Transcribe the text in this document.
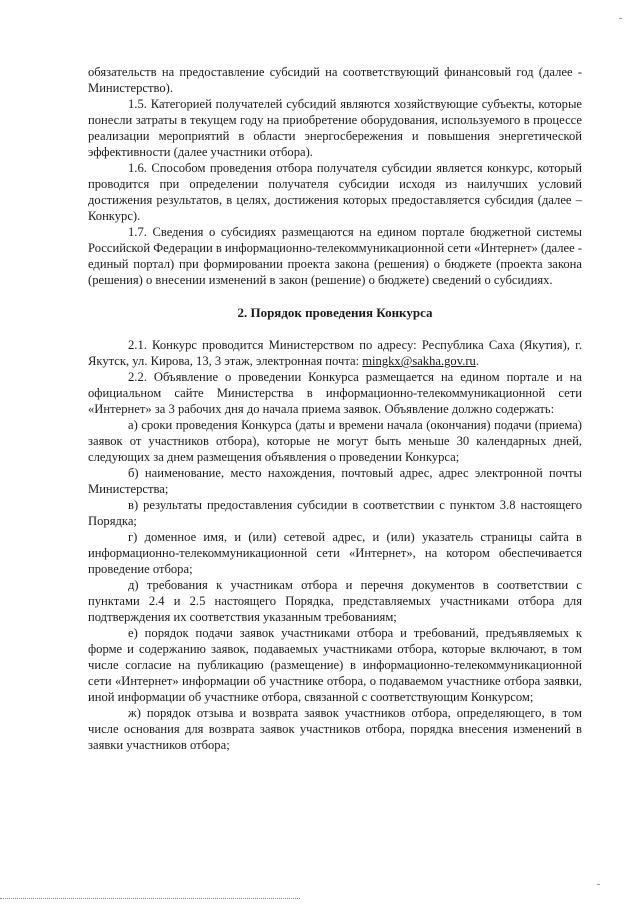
обязательств на предоставление субсидий на соответствующий финансовый год (далее - Министерство).

1.5. Категорией получателей субсидий являются хозяйствующие субъекты, которые понесли затраты в текущем году на приобретение оборудования, используемого в процессе реализации мероприятий в области энергосбережения и повышения энергетической эффективности (далее участники отбора).

1.6. Способом проведения отбора получателя субсидии является конкурс, который проводится при определении получателя субсидии исходя из наилучших условий достижения результатов, в целях, достижения которых предоставляется субсидия (далее – Конкурс).

1.7. Сведения о субсидиях размещаются на едином портале бюджетной системы Российской Федерации в информационно-телекоммуникационной сети «Интернет» (далее - единый портал) при формировании проекта закона (решения) о бюджете (проекта закона (решения) о внесении изменений в закон (решение) о бюджете) сведений о субсидиях.

2. Порядок проведения Конкурса

2.1. Конкурс проводится Министерством по адресу: Республика Саха (Якутия), г. Якутск, ул. Кирова, 13, 3 этаж, электронная почта: mingkx@sakha.gov.ru.

2.2. Объявление о проведении Конкурса размещается на едином портале и на официальном сайте Министерства в информационно-телекоммуникационной сети «Интернет» за 3 рабочих дня до начала приема заявок. Объявление должно содержать:

а) сроки проведения Конкурса (даты и времени начала (окончания) подачи (приема) заявок от участников отбора), которые не могут быть меньше 30 календарных дней, следующих за днем размещения объявления о проведении Конкурса;

б) наименование, место нахождения, почтовый адрес, адрес электронной почты Министерства;

в) результаты предоставления субсидии в соответствии с пунктом 3.8 настоящего Порядка;

г) доменное имя, и (или) сетевой адрес, и (или) указатель страницы сайта в информационно-телекоммуникационной сети «Интернет», на котором обеспечивается проведение отбора;

д) требования к участникам отбора и перечня документов в соответствии с пунктами 2.4 и 2.5 настоящего Порядка, представляемых участниками отбора для подтверждения их соответствия указанным требованиям;

е) порядок подачи заявок участниками отбора и требований, предъявляемых к форме и содержанию заявок, подаваемых участниками отбора, которые включают, в том числе согласие на публикацию (размещение) в информационно-телекоммуникационной сети «Интернет» информации об участнике отбора, о подаваемом участнике отбора заявки, иной информации об участнике отбора, связанной с соответствующим Конкурсом;

ж) порядок отзыва и возврата заявок участников отбора, определяющего, в том числе основания для возврата заявок участников отбора, порядка внесения изменений в заявки участников отбора;
